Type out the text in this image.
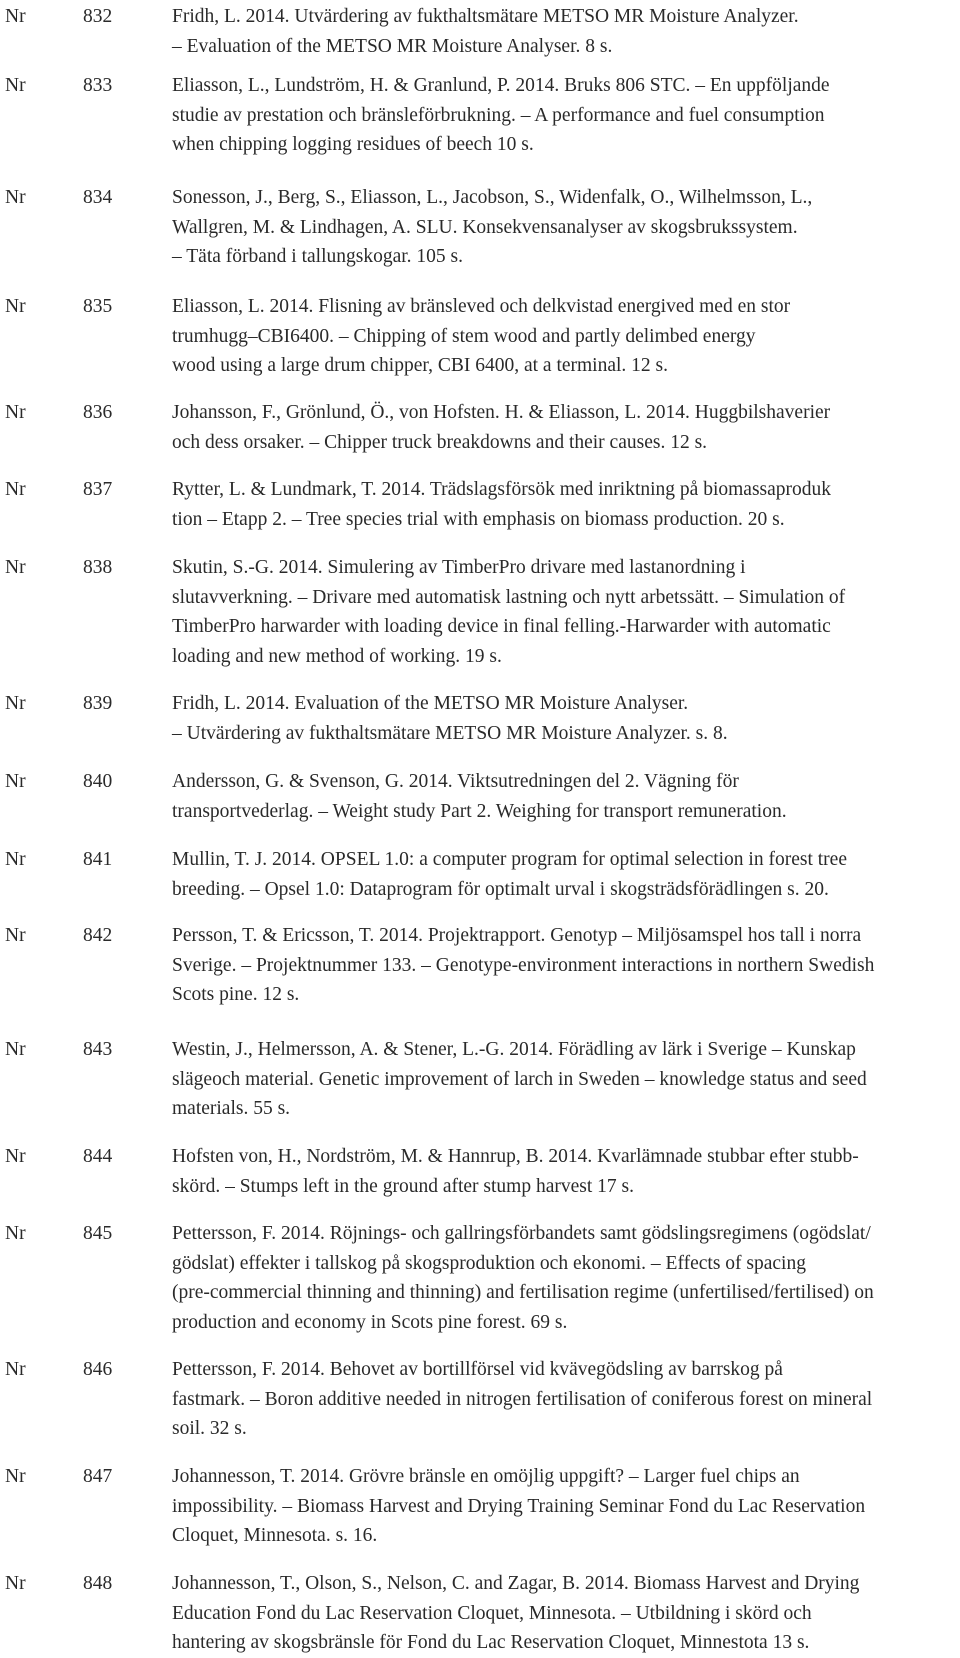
Nr	832	Fridh, L. 2014. Utvärdering av fukthaltsmätare METSO MR Moisture Analyzer.
– Evaluation of the METSO MR Moisture Analyser. 8 s.
Nr	833	Eliasson, L., Lundström, H. & Granlund, P. 2014. Bruks 806 STC. – En uppföljande
studie av prestation och bränsleförbrukning. – A performance and fuel consumption
when chipping logging residues of beech 10 s.
Nr	834	Sonesson, J., Berg, S., Eliasson, L., Jacobson, S., Widenfalk, O., Wilhelmsson, L.,
Wallgren, M. & Lindhagen, A. SLU. Konsekvensanalyser av skogsbrukssystem.
– Täta förband i tallungskogar. 105 s.
Nr	835	Eliasson, L. 2014. Flisning av bränsleved och delkvistad energived med en stor
trumhugg–CBI6400. – Chipping of stem wood and partly delimbed energy
wood using a large drum chipper, CBI 6400, at a terminal. 12 s.
Nr	836	Johansson, F., Grönlund, Ö., von Hofsten. H. & Eliasson, L. 2014. Huggbilshaverier
och dess orsaker. – Chipper truck breakdowns and their causes. 12 s.
Nr	837	Rytter, L. & Lundmark, T. 2014. Trädslagsförsök med inriktning på biomassaproduk
tion – Etapp 2. – Tree species trial with emphasis on biomass production. 20 s.
Nr	838	Skutin, S.-G. 2014. Simulering av TimberPro drivare med lastanordning i
slutavverkning. – Drivare med automatisk lastning och nytt arbetssätt. – Simulation of
TimberPro harwarder with loading device in final felling.-Harwarder with automatic
loading and new method of working. 19 s.
Nr	839	Fridh, L. 2014. Evaluation of the METSO MR Moisture Analyser.
– Utvärdering av fukthaltsmätare METSO MR Moisture Analyzer. s. 8.
Nr	840	Andersson, G. & Svenson, G. 2014. Viktsutredningen del 2. Vägning för
transportvederlag. – Weight study Part 2. Weighing for transport remuneration.
Nr	841	Mullin, T. J. 2014. OPSEL 1.0: a computer program for optimal selection in forest tree
breeding. – Opsel 1.0: Dataprogram för optimalt urval i skogsträdsförädlingen s. 20.
Nr	842	Persson, T. & Ericsson, T. 2014. Projektrapport. Genotyp – Miljösamspel hos tall i norra
Sverige. – Projektnummer 133. – Genotype-environment interactions in northern Swedish
Scots pine. 12 s.
Nr	843	Westin, J., Helmersson, A. & Stener, L.-G. 2014. Förädling av lärk i Sverige – Kunskap
slägeoch material. Genetic improvement of larch in Sweden – knowledge status and seed
materials. 55 s.
Nr	844	Hofsten von, H., Nordström, M. & Hannrup, B. 2014. Kvarlämnade stubbar efter stubb-
skörd. – Stumps left in the ground after stump harvest 17 s.
Nr	845	Pettersson, F. 2014. Röjnings- och gallringsförbandets samt gödslingsregimens (ogödslat/
gödslat) effekter i tallskog på skogsproduktion och ekonomi. – Effects of spacing
(pre-commercial thinning and thinning) and fertilisation regime (unfertilised/fertilised) on
production and economy in Scots pine forest. 69 s.
Nr	846	Pettersson, F. 2014. Behovet av bortillförsel vid kvävegödsling av barrskog på
fastmark. – Boron additive needed in nitrogen fertilisation of coniferous forest on mineral
soil. 32 s.
Nr	847	Johannesson, T. 2014. Grövre bränsle en omöjlig uppgift? – Larger fuel chips an
impossibility. – Biomass Harvest and Drying Training Seminar Fond du Lac Reservation
Cloquet, Minnesota. s. 16.
Nr	848	Johannesson, T., Olson, S., Nelson, C. and Zagar, B. 2014. Biomass Harvest and Drying
Education Fond du Lac Reservation Cloquet, Minnesota. – Utbildning i skörd och
hantering av skogsbränsle för Fond du Lac Reservation Cloquet, Minnestota 13 s.
